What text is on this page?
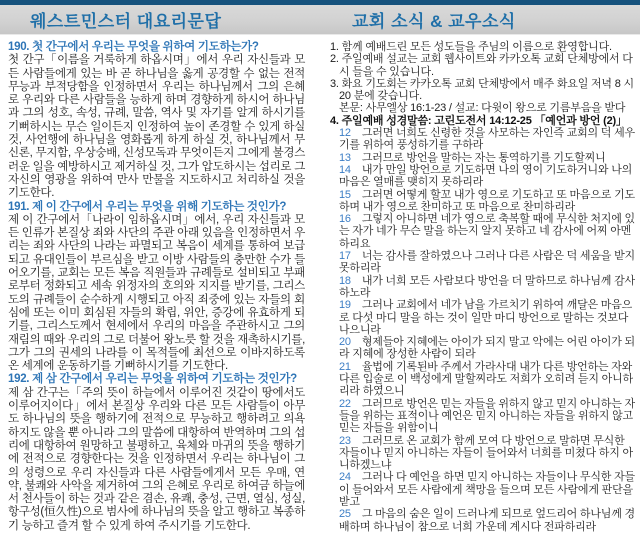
웨스트민스터 대요리문답	교회 소식 & 교우소식
190. 첫 간구에서 우리는 무엇을 위하여 기도하는가?
첫 간구「이름을 거룩하게 하옵시며」에서 우리 자신들과 모든 사람들에게 있는 바 곧 하나님을 옳게 공경할 수 없는 전적 무능과 부적당함을 인정하면서 우리는 하나님께서 그의 은혜로 우리와 다른 사람들을 능하게 하며 경향하게 하시어 하나님과 그의 성호, 속성, 규례, 말씀, 역사 및 자기를 알게 하시기를 기뻐하시는 무슨 일이든지 인정하여 높이 존경할 수 있게 하실 것, 사언행에 하나님을 영화롭게 하게 하실 것, 하나님께서 무신론, 무지함, 우상숭배, 신성모독과 무엇이든지 그에게 불경스러운 일을 예방하시고 제거하실 것, 그가 압도하시는 섭리로 그 자신의 영광을 위하여 만사 만물을 지도하시고 처리하실 것을 기도한다.
191. 제 이 간구에서 우리는 무엇을 위해 기도하는 것인가?
제 이 간구에서「나라이 임하옵시며」에서, 우리 자신들과 모든 인류가 본질상 죄와 사단의 주관 아래 있음을 인정하면서 우리는 죄와 사단의 나라는 파멸되고 복음이 세계를 통하여 보급되고 유대인들이 부르심을 받고 이방 사람들의 충만한 수가 들어오기를, 교회는 모든 복음 직원들과 규례들로 설비되고 부패로부터 정화되고 세속 위정자의 호의와 지지를 받기를, 그리스도의 규례들이 순수하게 시행되고 아직 죄중에 있는 자들의 회심에 또는 이미 회심된 자들의 확립, 위안, 증강에 유효하게 되기를, 그리스도께서 현세에서 우리의 마음을 주관하시고 그의 재림의 때와 우리의 그로 더불어 왕노릇 할 것을 재촉하시기를, 그가 그의 권세의 나라를 이 목적들에 최선으로 이바지하도록 온 세계에 운동하기를 기뻐하시기를 기도한다.
192. 제 삼 간구에서 우리는 무엇을 위하여 기도하는 것인가?
제 삼 간구는「주의 뜻이 하늘에서 이루어진 것같이 땅에서도 이루어지이다」에서 본질상 우리와 다른 모든 사람들이 아무도 하나님의 뜻을 행하기에 전적으로 무능하고 행하려고 의욕하지도 않을 뿐 아니라 그의 말씀에 대항하여 반역하며 그의 섭리에 대항하여 원망하고 불평하고, 육체와 마귀의 뜻을 행하기에 전적으로 경향한다는 것을 인정하면서 우리는 하나님이 그의 성령으로 우리 자신들과 다른 사람들에게서 모든 우매, 연약, 불쾌와 사악을 제거하여 그의 은혜로 우리로 하여금 하늘에서 천사들이 하는 것과 같은 겸손, 유쾌, 충성, 근면, 열심, 성실, 항구성(恒久性)으로 범사에 하나님의 뜻을 알고 행하고 복종하기 능하고 즐겨 할 수 있게 하여 주시기를 기도한다.
1. 함께 예배드린 모든 성도들을 주님의 이름으로 환영합니다.
2. 주일예배 설교는 교회 웹사이트와 카카오톡 교회 단체방에서 다시 들을 수 있습니다.
3. 화요 기도회는 카카오톡 교회 단체방에서 매주 화요일 저녁 8 시 20 분에 갖습니다.
본문: 사무엘상 16:1-23 / 설교: 다윗이 왕으로 기름부음을 받다
4. 주일예배 성경말씀: 고린도전서 14:12-25 「예언과 방언 (2)」
12 그러면 너희도 신령한 것을 사모하는 자인즉 교회의 덕 세우기를 위하여 풍성하기를 구하라
13 그러므로 방언을 말하는 자는 통역하기를 기도할찌니
14 내가 만일 방언으로 기도하면 나의 영이 기도하거니와 나의 마음은 열매를 맺히지 못하리라
15 그러면 어떻게 할꼬 내가 영으로 기도하고 또 마음으로 기도하며 내가 영으로 찬미하고 또 마음으로 찬미하리라
16 그렇지 아니하면 네가 영으로 축복할 때에 무식한 처지에 있는 자가 네가 무슨 말을 하는지 알지 못하고 네 감사에 어찌 아멘 하리요
17 너는 감사를 잘하였으나 그러나 다른 사람은 덕 세움을 받지 못하리라
18 내가 너희 모든 사람보다 방언을 더 말하므로 하나님께 감사하노라
19 그러나 교회에서 네가 남을 가르치기 위하여 깨달은 마음으로 다섯 마디 말을 하는 것이 일만 마디 방언으로 말하는 것보다 나으니라
20 형제들아 지혜에는 아이가 되지 말고 악에는 어린 아이가 되라 지혜에 장성한 사람이 되라
21 율법에 기록된바 주께서 가라사대 내가 다른 방언하는 자와 다른 입술로 이 백성에게 말할찌라도 저희가 오히려 듣지 아니하리라 하였으니
22 그러므로 방언은 믿는 자들을 위하지 않고 믿지 아니하는 자들을 위하는 표적이나 예언은 믿지 아니하는 자들을 위하지 않고 믿는 자들을 위함이니
23 그러므로 온 교회가 함께 모여 다 방언으로 말하면 무식한 자들이나 믿지 아니하는 자들이 들어와서 너희를 미쳤다 하지 아니하겠느냐
24 그러나 다 예언을 하면 믿지 아니하는 자들이나 무식한 자들이 들어와서 모든 사람에게 책망을 들으며 모든 사람에게 판단을 받고
25 그 마음의 숨은 일이 드러나게 되므로 엎드리어 하나님께 경배하며 하나님이 참으로 너희 가운데 계시다 전파하리라
